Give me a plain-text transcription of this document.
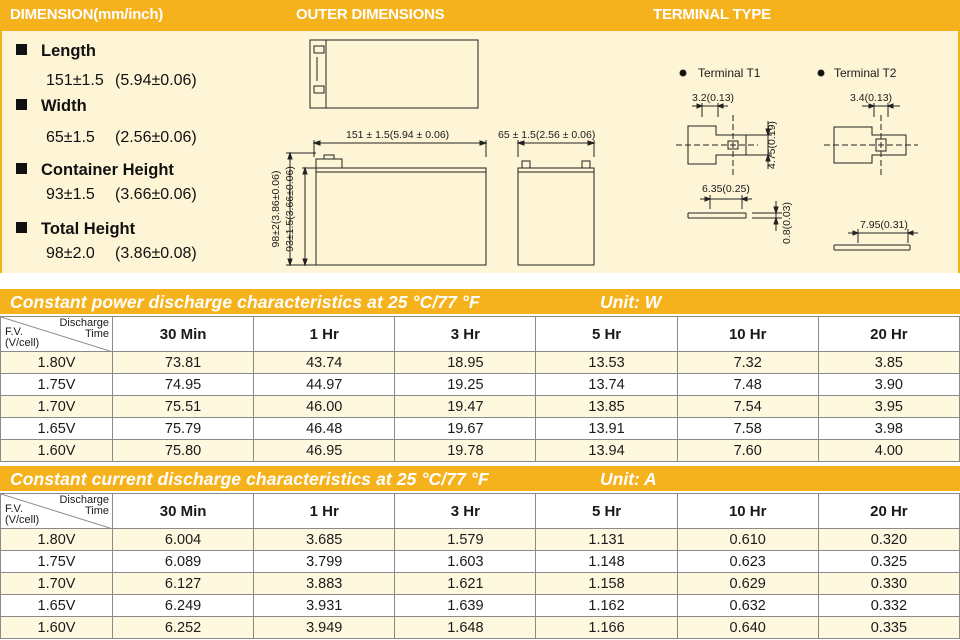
DIMENSION(mm/inch)	OUTER DIMENSIONS	TERMINAL TYPE
Length
151±1.5 (5.94±0.06)
Width
65±1.5 (2.56±0.06)
Container Height
93±1.5 (3.66±0.06)
Total Height
98±2.0 (3.86±0.08)
151 ± 1.5(5.94 ± 0.06)	65 ± 1.5(2.56 ± 0.06)
98±2(3.86±0.06) 93±1.5(3.66±0.06)
Terminal T1	Terminal T2
3.2(0.13)
4.75(0.19)
6.35(0.25)
0.8(0.03)
3.4(0.13)
7.95(0.31)
Constant power discharge characteristics at 25 °C/77 °F	Unit: W
Discharge
Time
F.V.
(V/cell)	30 Min	1 Hr	3 Hr	5 Hr	10 Hr	20 Hr
1.80V	73.81	43.74	18.95	13.53	7.32	3.85
1.75V	74.95	44.97	19.25	13.74	7.48	3.90
1.70V	75.51	46.00	19.47	13.85	7.54	3.95
1.65V	75.79	46.48	19.67	13.91	7.58	3.98
1.60V	75.80	46.95	19.78	13.94	7.60	4.00
Constant current discharge characteristics at 25 °C/77 °F	Unit: A
Discharge
Time
F.V.
(V/cell)	30 Min	1 Hr	3 Hr	5 Hr	10 Hr	20 Hr
1.80V	6.004	3.685	1.579	1.131	0.610	0.320
1.75V	6.089	3.799	1.603	1.148	0.623	0.325
1.70V	6.127	3.883	1.621	1.158	0.629	0.330
1.65V	6.249	3.931	1.639	1.162	0.632	0.332
1.60V	6.252	3.949	1.648	1.166	0.640	0.335
